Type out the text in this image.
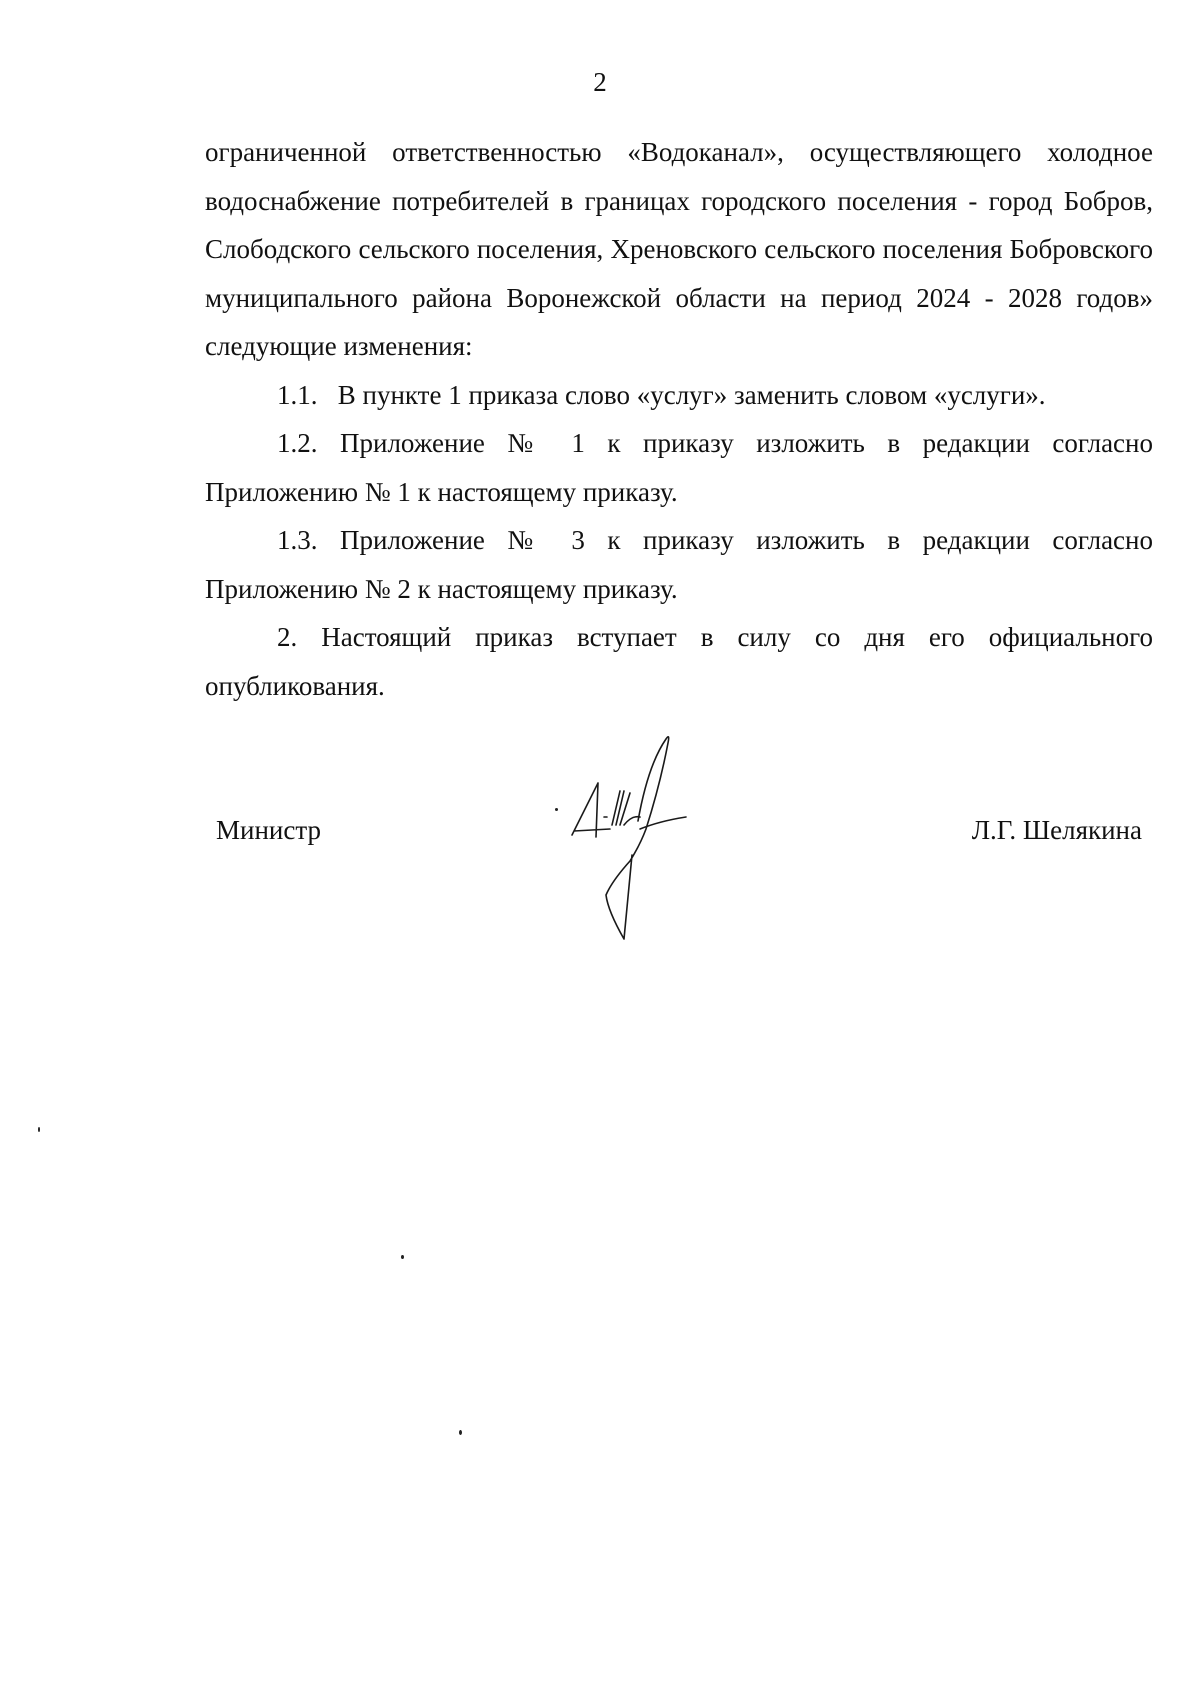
2

ограниченной ответственностью «Водоканал», осуществляющего холодное водоснабжение потребителей в границах городского поселения - город Бобров, Слободского сельского поселения, Хреновского сельского поселения Бобровского муниципального района Воронежской области на период 2024 - 2028 годов» следующие изменения:

1.1.   В пункте 1 приказа слово «услуг» заменить словом «услуги».

1.2. Приложение № 1 к приказу изложить в редакции согласно Приложению № 1 к настоящему приказу.

1.3. Приложение № 3 к приказу изложить в редакции согласно Приложению № 2 к настоящему приказу.

2. Настоящий приказ вступает в силу со дня его официального опубликования.

Министр	Л.Г. Шелякина
